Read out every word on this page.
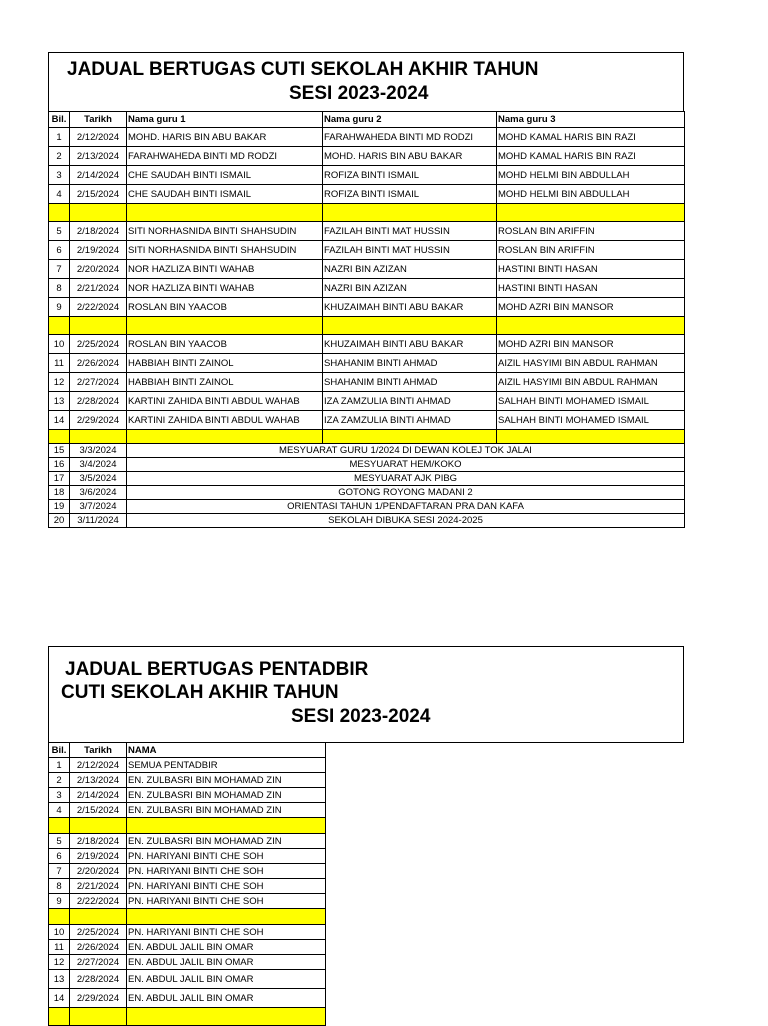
JADUAL BERTUGAS CUTI SEKOLAH AKHIR TAHUN
SESI 2023-2024
Bil.	Tarikh	Nama guru 1	Nama guru 2	Nama guru 3
1	2/12/2024	MOHD. HARIS BIN ABU BAKAR	FARAHWAHEDA BINTI MD RODZI	MOHD KAMAL HARIS BIN RAZI
2	2/13/2024	FARAHWAHEDA BINTI MD RODZI	MOHD. HARIS BIN ABU BAKAR	MOHD KAMAL HARIS BIN RAZI
3	2/14/2024	CHE SAUDAH BINTI ISMAIL	ROFIZA BINTI ISMAIL	MOHD HELMI BIN ABDULLAH
4	2/15/2024	CHE SAUDAH BINTI ISMAIL	ROFIZA BINTI ISMAIL	MOHD HELMI BIN ABDULLAH

5	2/18/2024	SITI NORHASNIDA BINTI SHAHSUDIN	FAZILAH BINTI MAT HUSSIN	ROSLAN BIN ARIFFIN
6	2/19/2024	SITI NORHASNIDA BINTI SHAHSUDIN	FAZILAH BINTI MAT HUSSIN	ROSLAN BIN ARIFFIN
7	2/20/2024	NOR HAZLIZA BINTI WAHAB	NAZRI BIN AZIZAN	HASTINI BINTI HASAN
8	2/21/2024	NOR HAZLIZA BINTI WAHAB	NAZRI BIN AZIZAN	HASTINI BINTI HASAN
9	2/22/2024	ROSLAN BIN YAACOB	KHUZAIMAH BINTI ABU BAKAR	MOHD AZRI BIN MANSOR

10	2/25/2024	ROSLAN BIN YAACOB	KHUZAIMAH BINTI ABU BAKAR	MOHD AZRI BIN MANSOR
11	2/26/2024	HABBIAH BINTI ZAINOL	SHAHANIM BINTI AHMAD	AIZIL HASYIMI BIN ABDUL RAHMAN
12	2/27/2024	HABBIAH BINTI ZAINOL	SHAHANIM BINTI AHMAD	AIZIL HASYIMI BIN ABDUL RAHMAN
13	2/28/2024	KARTINI ZAHIDA BINTI ABDUL WAHAB	IZA ZAMZULIA BINTI AHMAD	SALHAH BINTI MOHAMED ISMAIL
14	2/29/2024	KARTINI ZAHIDA BINTI ABDUL WAHAB	IZA ZAMZULIA BINTI AHMAD	SALHAH BINTI MOHAMED ISMAIL

15	3/3/2024	MESYUARAT GURU 1/2024 DI DEWAN KOLEJ TOK JALAI		
16	3/4/2024	MESYUARAT HEM/KOKO		
17	3/5/2024	MESYUARAT AJK PIBG		
18	3/6/2024	GOTONG ROYONG MADANI 2		
19	3/7/2024	ORIENTASI TAHUN 1/PENDAFTARAN PRA DAN KAFA		
20	3/11/2024	SEKOLAH DIBUKA SESI 2024-2025		
JADUAL BERTUGAS PENTADBIR
CUTI SEKOLAH AKHIR TAHUN
SESI 2023-2024
Bil.	Tarikh	NAMA
1	2/12/2024	SEMUA PENTADBIR
2	2/13/2024	EN. ZULBASRI BIN MOHAMAD ZIN
3	2/14/2024	EN. ZULBASRI BIN MOHAMAD ZIN
4	2/15/2024	EN. ZULBASRI BIN MOHAMAD ZIN

5	2/18/2024	EN. ZULBASRI BIN MOHAMAD ZIN
6	2/19/2024	PN. HARIYANI BINTI CHE SOH
7	2/20/2024	PN. HARIYANI BINTI CHE SOH
8	2/21/2024	PN. HARIYANI BINTI CHE SOH
9	2/22/2024	PN. HARIYANI BINTI CHE SOH

10	2/25/2024	PN. HARIYANI BINTI CHE SOH
11	2/26/2024	EN. ABDUL JALIL BIN OMAR
12	2/27/2024	EN. ABDUL JALIL BIN OMAR
13	2/28/2024	EN. ABDUL JALIL BIN OMAR
14	2/29/2024	EN. ABDUL JALIL BIN OMAR
